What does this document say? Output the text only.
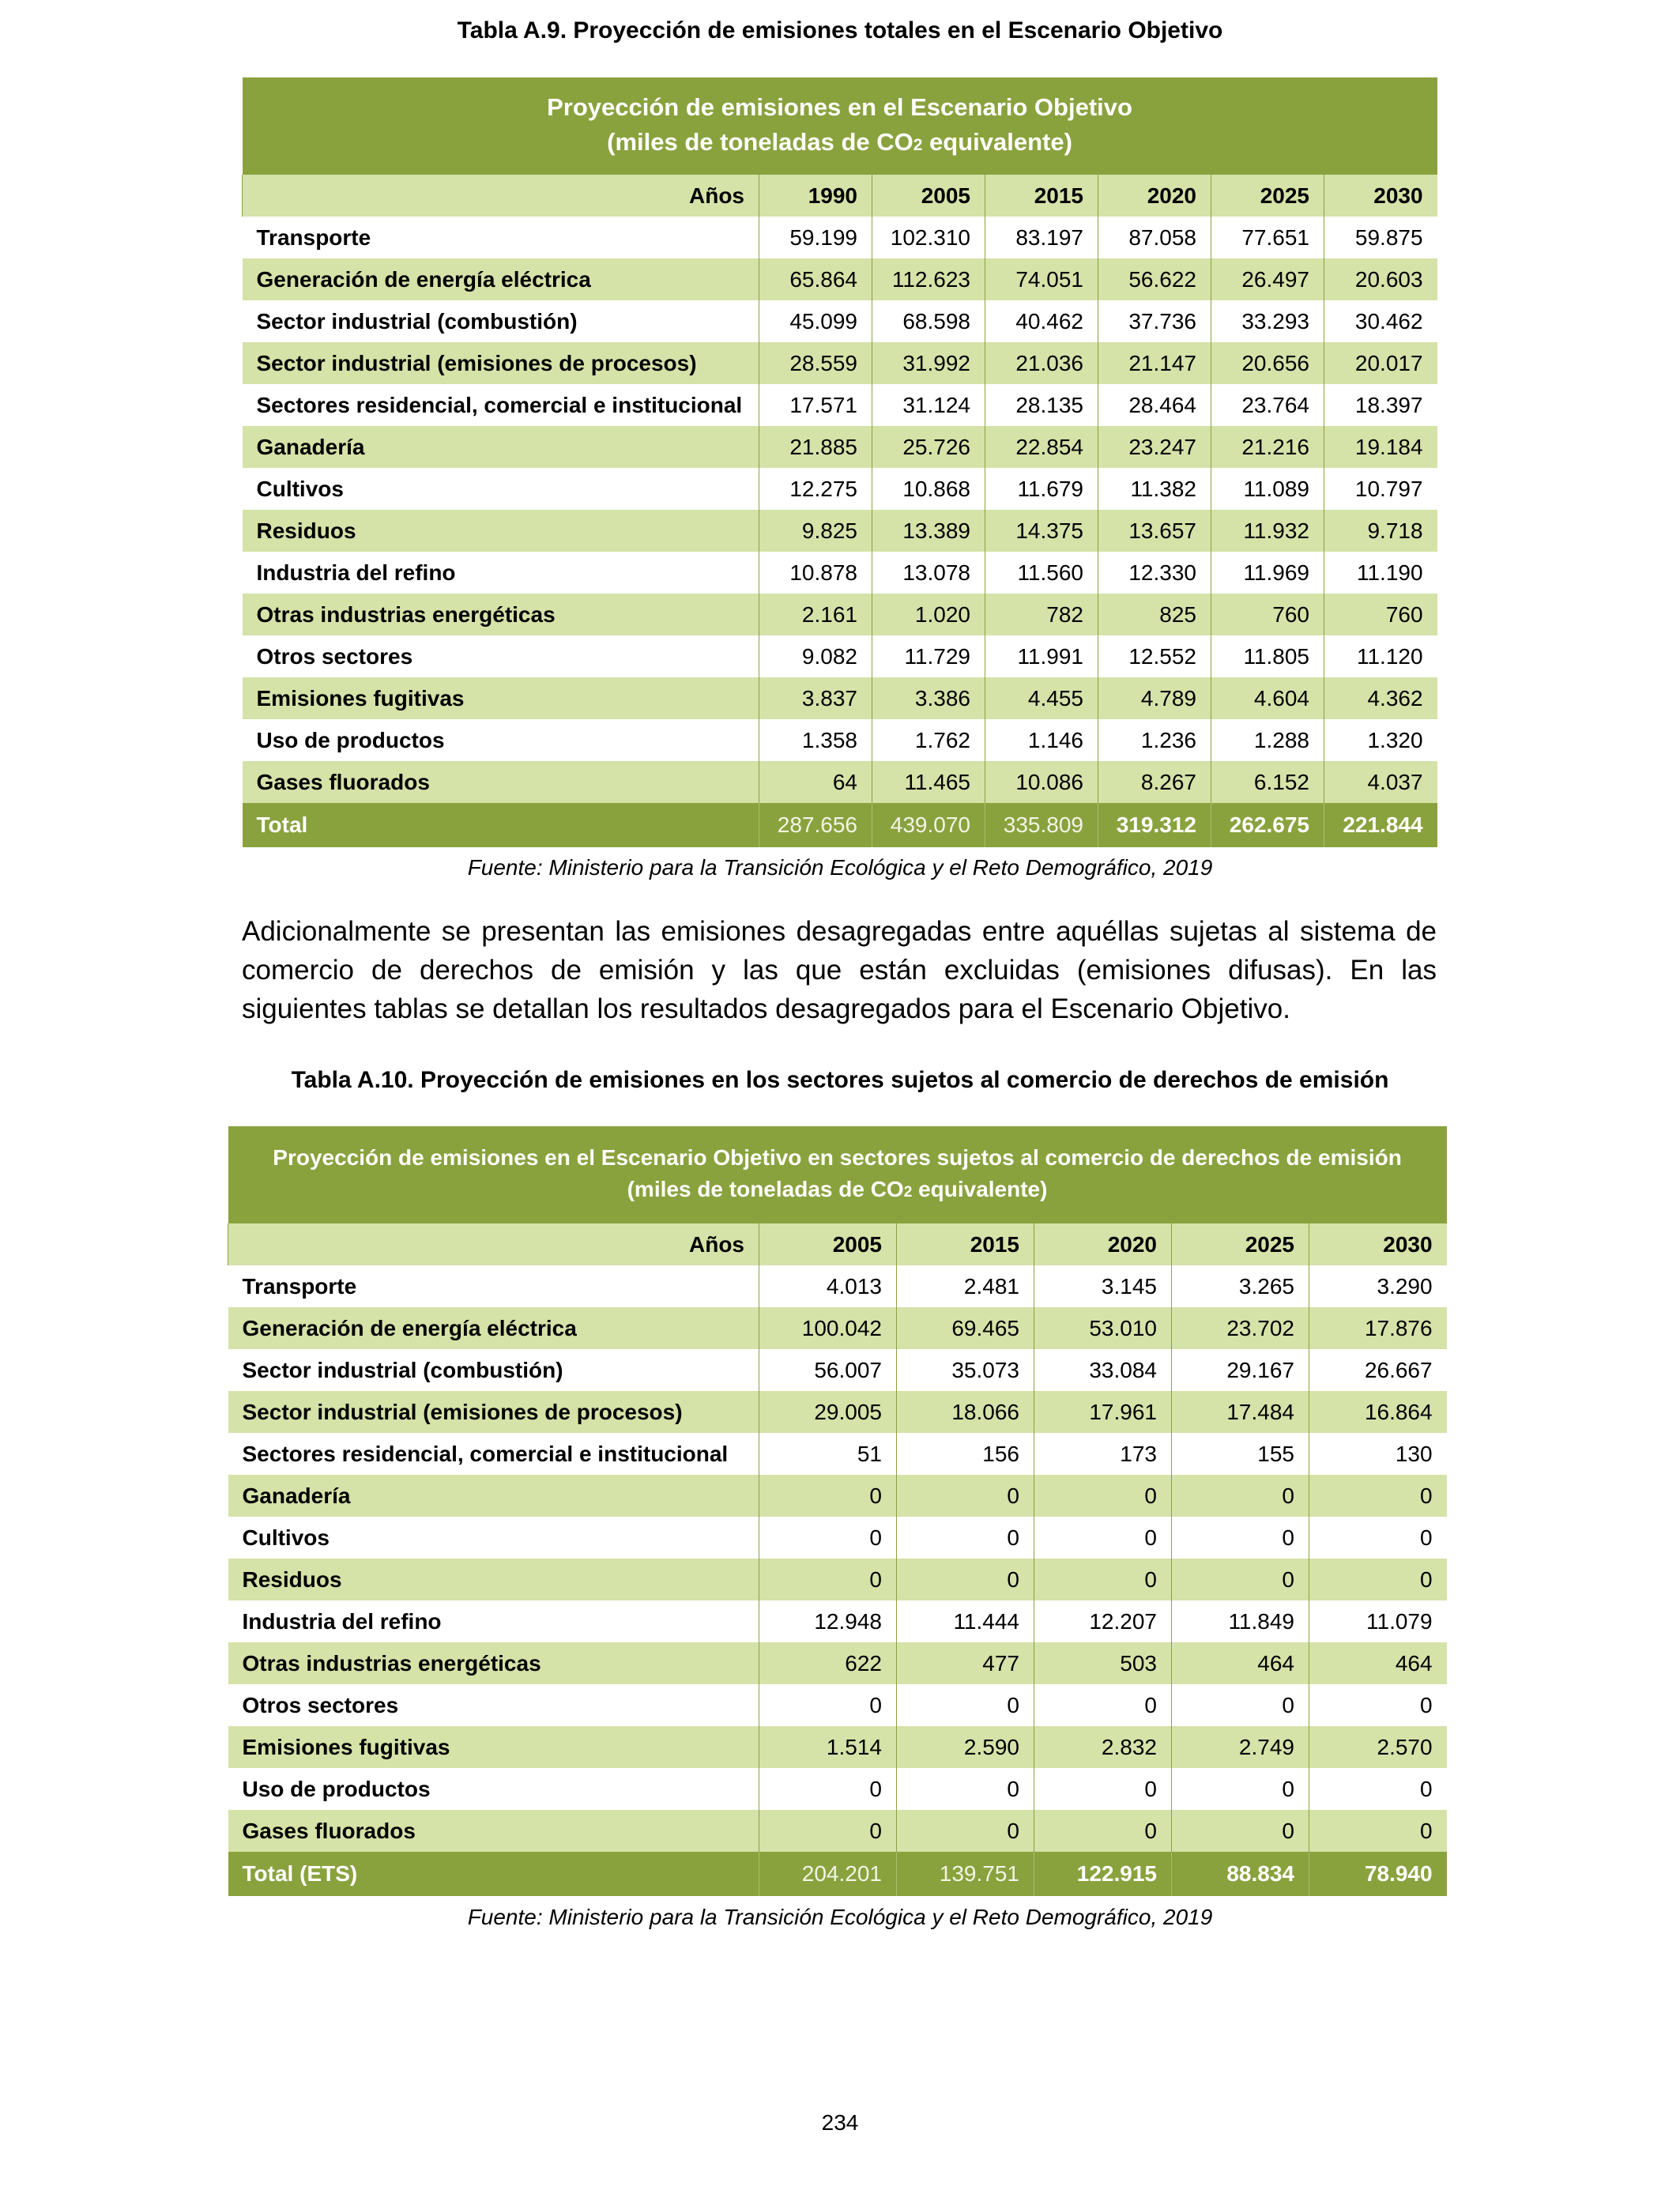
Tabla A.9. Proyección de emisiones totales en el Escenario Objetivo
Proyección de emisiones en el Escenario Objetivo
(miles de toneladas de CO2 equivalente)						

Años	1990	2005	2015	2020	2025	2030
Transporte	59.199	102.310	83.197	87.058	77.651	59.875
Generación de energía eléctrica	65.864	112.623	74.051	56.622	26.497	20.603
Sector industrial (combustión)	45.099	68.598	40.462	37.736	33.293	30.462
Sector industrial (emisiones de procesos)	28.559	31.992	21.036	21.147	20.656	20.017
Sectores residencial, comercial e institucional	17.571	31.124	28.135	28.464	23.764	18.397
Ganadería	21.885	25.726	22.854	23.247	21.216	19.184
Cultivos	12.275	10.868	11.679	11.382	11.089	10.797
Residuos	9.825	13.389	14.375	13.657	11.932	9.718
Industria del refino	10.878	13.078	11.560	12.330	11.969	11.190
Otras industrias energéticas	2.161	1.020	782	825	760	760
Otros sectores	9.082	11.729	11.991	12.552	11.805	11.120
Emisiones fugitivas	3.837	3.386	4.455	4.789	4.604	4.362
Uso de productos	1.358	1.762	1.146	1.236	1.288	1.320
Gases fluorados	64	11.465	10.086	8.267	6.152	4.037
Total	287.656	439.070	335.809	319.312	262.675	221.844
Fuente: Ministerio para la Transición Ecológica y el Reto Demográfico, 2019
Adicionalmente se presentan las emisiones desagregadas entre aquéllas sujetas al sistema de comercio de derechos de emisión y las que están excluidas (emisiones difusas). En las siguientes tablas se detallan los resultados desagregados para el Escenario Objetivo.
Tabla A.10. Proyección de emisiones en los sectores sujetos al comercio de derechos de emisión
Proyección de emisiones en el Escenario Objetivo en sectores sujetos al comercio de derechos de emisión
(miles de toneladas de CO2 equivalente)					

Años	2005	2015	2020	2025	2030
Transporte	4.013	2.481	3.145	3.265	3.290
Generación de energía eléctrica	100.042	69.465	53.010	23.702	17.876
Sector industrial (combustión)	56.007	35.073	33.084	29.167	26.667
Sector industrial (emisiones de procesos)	29.005	18.066	17.961	17.484	16.864
Sectores residencial, comercial e institucional	51	156	173	155	130
Ganadería	0	0	0	0	0
Cultivos	0	0	0	0	0
Residuos	0	0	0	0	0
Industria del refino	12.948	11.444	12.207	11.849	11.079
Otras industrias energéticas	622	477	503	464	464
Otros sectores	0	0	0	0	0
Emisiones fugitivas	1.514	2.590	2.832	2.749	2.570
Uso de productos	0	0	0	0	0
Gases fluorados	0	0	0	0	0
Total (ETS)	204.201	139.751	122.915	88.834	78.940
Fuente: Ministerio para la Transición Ecológica y el Reto Demográfico, 2019
234
